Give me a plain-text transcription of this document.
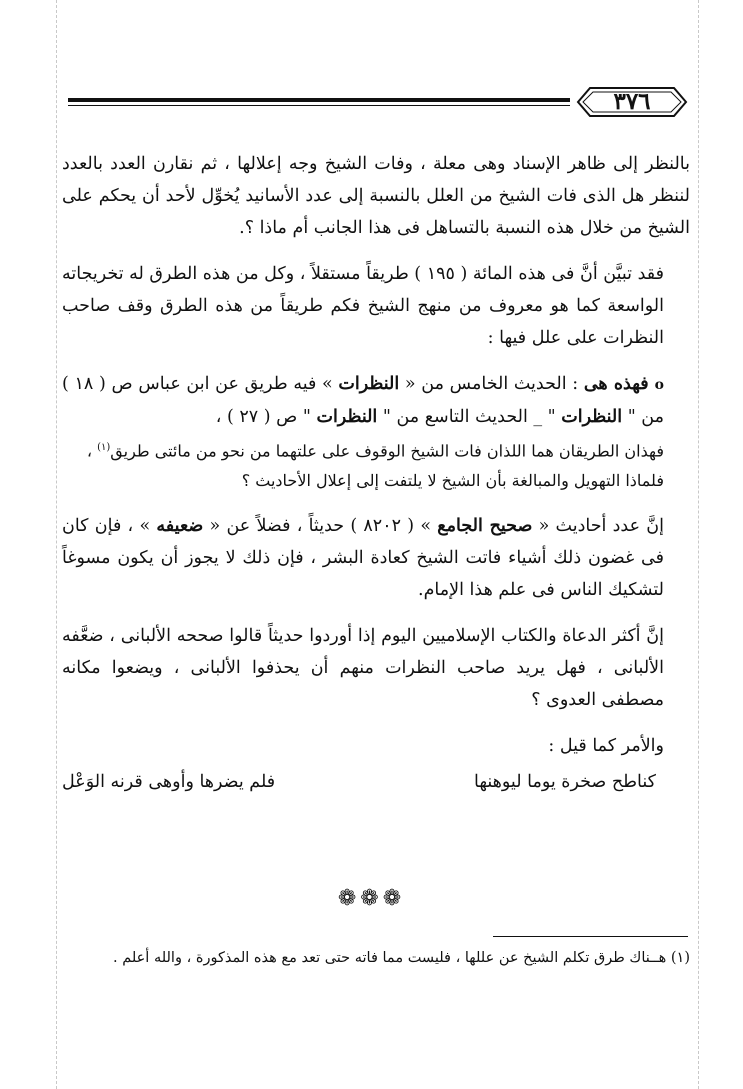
٣٧٦

بالنظر إلى ظاهر الإسناد وهى معلة ، وفات الشيخ وجه إعلالها ، ثم نقارن العدد بالعدد لننظر هل الذى فات الشيخ من العلل بالنسبة إلى عدد الأسانيد يُخوِّل لأحد أن يحكم على الشيخ من خلال هذه النسبة بالتساهل فى هذا الجانب أم ماذا ؟.

فقد تبيَّن أنَّ فى هذه المائة ( ١٩٥ ) طريقاً مستقلاً ، وكل من هذه الطرق له تخريجاته الواسعة كما هو معروف من منهج الشيخ فكم طريقاً من هذه الطرق وقف صاحب النظرات على علل فيها :

oفهذه هى : الحديث الخامس من « النظرات » فيه طريق عن ابن عباس ص ( ١٨ ) من " النظرات " _ الحديث التاسع من " النظرات " ص ( ٢٧ ) ،
فهذان الطريقان هما اللذان فات الشيخ الوقوف على علتهما من نحو من مائتى طريق$^{(١)}$ ،
فلماذا التهويل والمبالغة بأن الشيخ لا يلتفت إلى إعلال الأحاديث ؟

إنَّ عدد أحاديث « صحيح الجامع » ( ٨٢٠٢ ) حديثاً ، فضلاً عن « ضعيفه » ، فإن كان فى غضون ذلك أشياء فاتت الشيخ كعادة البشر ، فإن ذلك لا يجوز أن يكون مسوغاً لتشكيك الناس فى علم هذا الإمام.

إنَّ أكثر الدعاة والكتاب الإسلاميين اليوم إذا أوردوا حديثاً قالوا صححه الألبانى ، ضعَّفه الألبانى ، فهل يريد صاحب النظرات منهم أن يحذفوا الألبانى ، ويضعوا مكانه مصطفى العدوى ؟

والأمر كما قيل :

كناطح صخرة يوما ليوهنها
فلم يضرها وأوهى قرنه الوَعْل
❁❁❁
(١) هــناك طرق تكلم الشيخ عن عللها ، فليست مما فاته حتى تعد مع هذه المذكورة ، والله أعلم .
